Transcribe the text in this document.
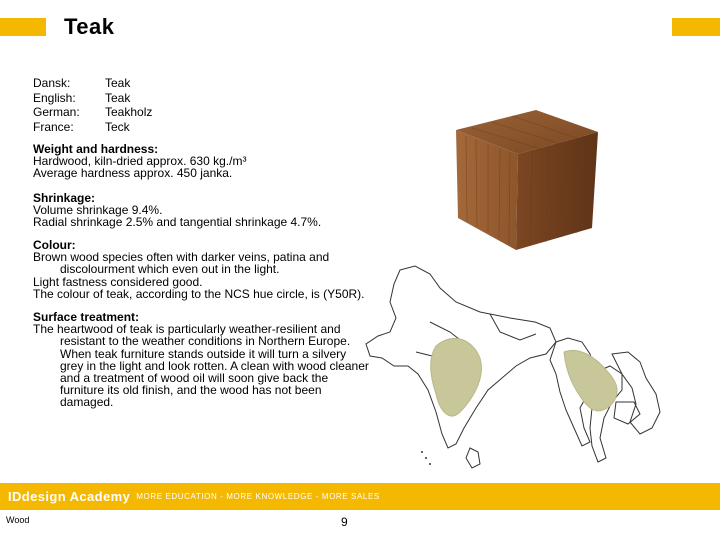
Teak
Dansk:	Teak
English:	Teak
German:	Teakholz
France:	Teck
Weight and hardness:
Hardwood, kiln-dried approx. 630 kg./m³
Average hardness approx. 450 janka.
Shrinkage:
Volume shrinkage 9.4%.
Radial shrinkage 2.5% and tangential shrinkage 4.7%.
Colour:
Brown wood species often with darker veins, patina and
discolourment which even out in the light.
Light fastness considered good.
The colour of teak, according to the NCS hue circle, is (Y50R).
Surface treatment:
The heartwood of teak is particularly weather-resilient and
resistant to the weather conditions in Northern Europe.
When teak furniture stands outside it will turn a silvery
grey in the light and look rotten. A clean with wood cleaner
and a treatment of wood oil will soon give back the
furniture its old finish, and the wood has not been
damaged.
IDdesign Academy MORE EDUCATION - MORE KNOWLEDGE - MORE SALES
Wood	9
